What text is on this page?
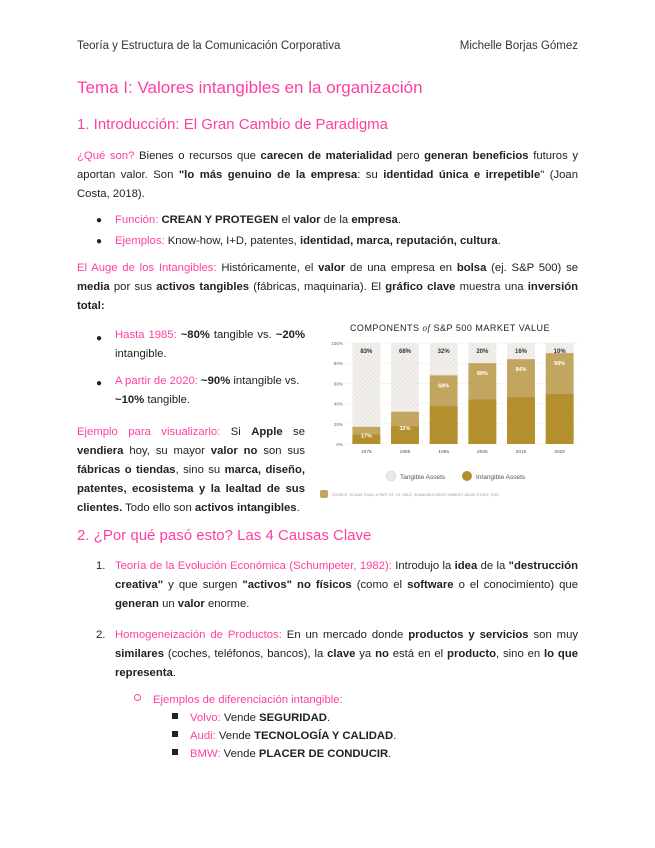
Teoría y Estructura de la Comunicación Corporativa	Michelle Borjas Gómez
Tema I: Valores intangibles en la organización
1. Introducción: El Gran Cambio de Paradigma
¿Qué son? Bienes o recursos que carecen de materialidad pero generan beneficios futuros y aportan valor. Son "lo más genuino de la empresa: su identidad única e irrepetible" (Joan Costa, 2018).
● Función: CREAN Y PROTEGEN el valor de la empresa.
● Ejemplos: Know-how, I+D, patentes, identidad, marca, reputación, cultura.
El Auge de los Intangibles: Históricamente, el valor de una empresa en bolsa (ej. S&P 500) se media por sus activos tangibles (fábricas, maquinaria). El gráfico clave muestra una inversión total:
● Hasta 1985: ~80% tangible vs. ~20% intangible.
● A partir de 2020: ~90% intangible vs. ~10% tangible.
Ejemplo para visualizarlo: Si Apple se vendiera hoy, su mayor valor no son sus fábricas o tiendas, sino su marca, diseño, patentes, ecosistema y la lealtad de sus clientes. Todo ello son activos intangibles.
COMPONENTS of S&P 500 MARKET VALUE
0%
20%
40%
60%
80%
100%
83%
17%
1975
68%
32%
1985
32%
68%
1995
20%
80%
2005
16%
84%
2015
10%
90%
2020
Tangible Assets	Intangible Assets
SOURCE: OCEAN TOMO, A PART OF J.S. HELD, INTANGIBLE ASSET MARKET VALUE STUDY, 2020
2. ¿Por qué pasó esto? Las 4 Causas Clave
1. Teoría de la Evolución Económica (Schumpeter, 1982): Introdujo la idea de la "destrucción creativa" y que surgen "activos" no físicos (como el software o el conocimiento) que generan un valor enorme.
2. Homogeneización de Productos: En un mercado donde productos y servicios son muy similares (coches, teléfonos, bancos), la clave ya no está en el producto, sino en lo que representa.
Ejemplos de diferenciación intangible:
Volvo: Vende SEGURIDAD.
Audi: Vende TECNOLOGÍA Y CALIDAD.
BMW: Vende PLACER DE CONDUCIR.
